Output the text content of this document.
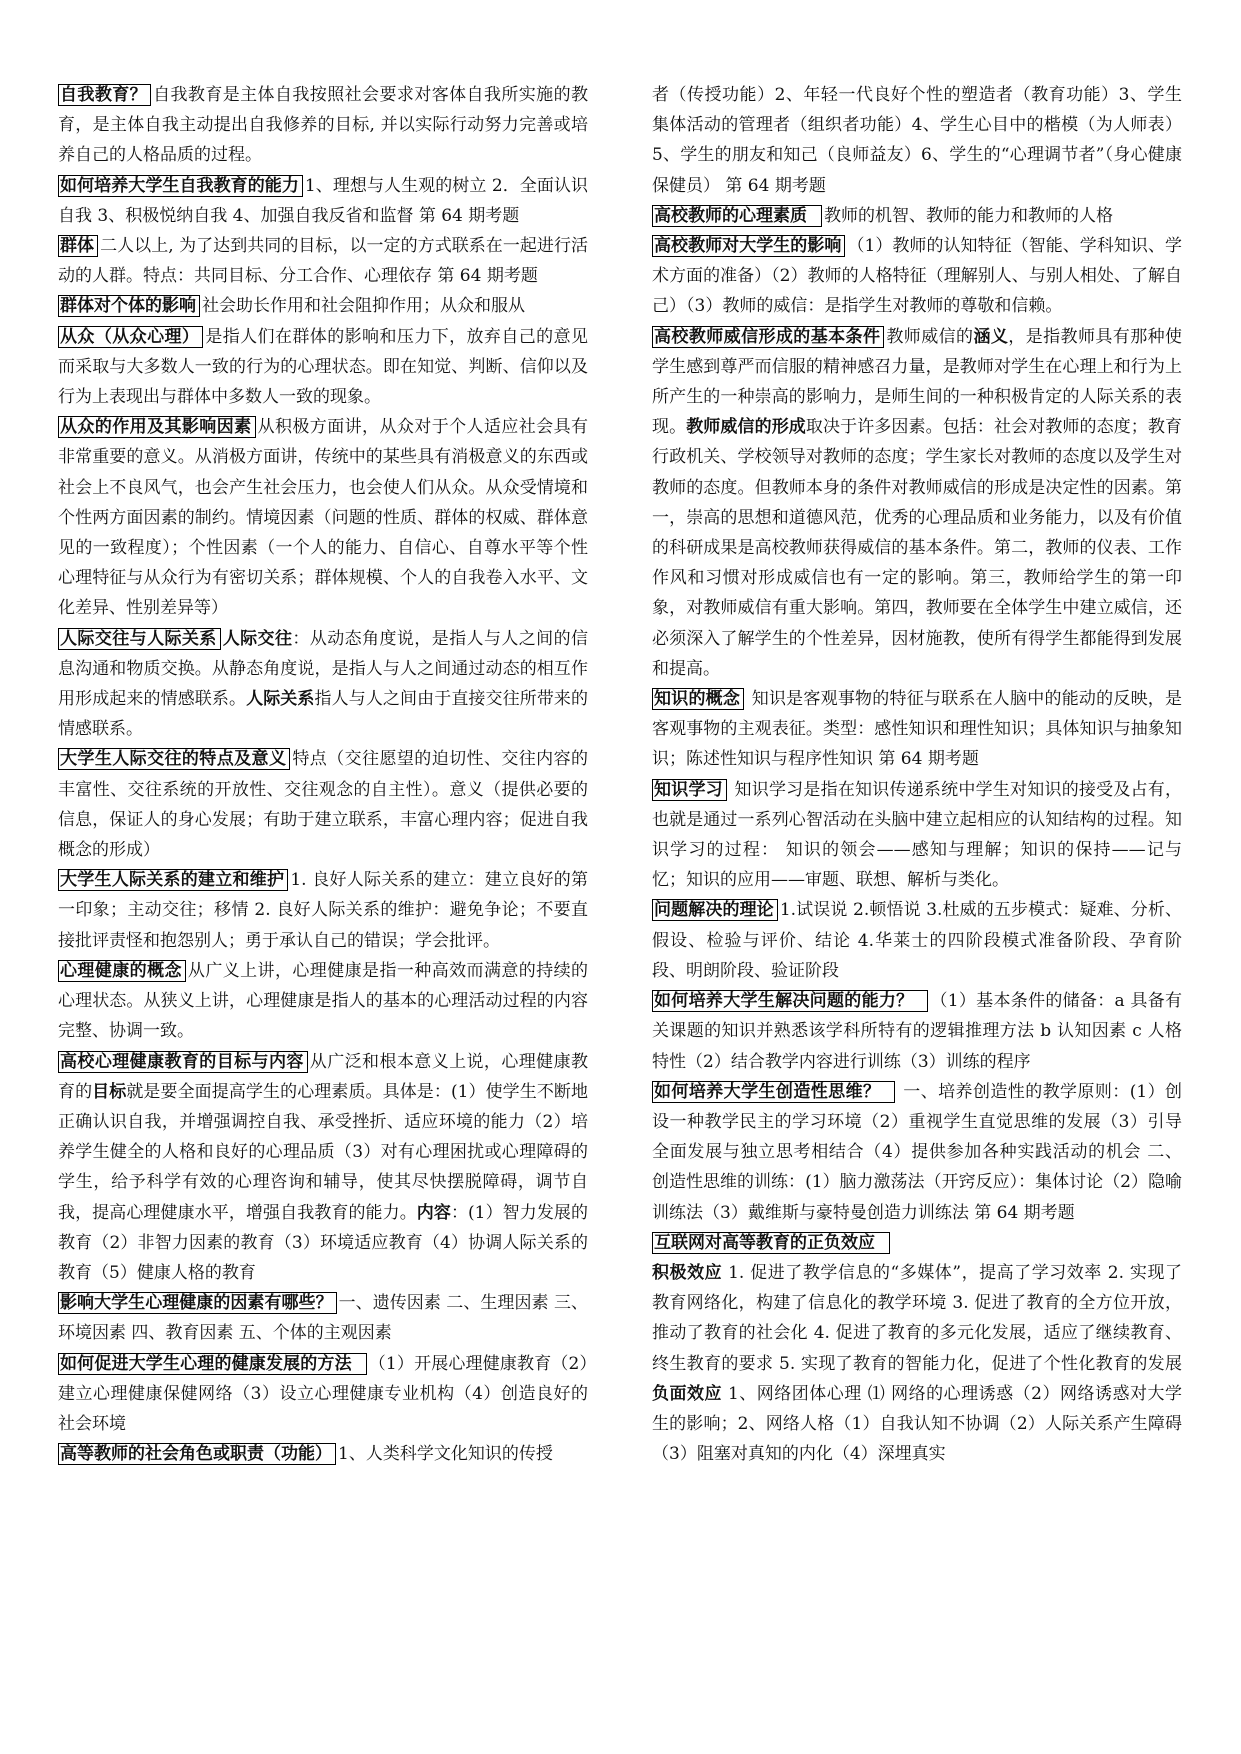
自我教育？ 自我教育是主体自我按照社会要求对客体自我所实施的教育，是主体自我主动提出自我修养的目标, 并以实际行动努力完善或培养自己的人格品质的过程。

如何培养大学生自我教育的能力 1、理想与人生观的树立 2．全面认识自我 3、积极悦纳自我 4、加强自我反省和监督 第 64 期考题

群体 二人以上, 为了达到共同的目标，以一定的方式联系在一起进行活动的人群。特点：共同目标、分工合作、心理依存 第 64 期考题

群体对个体的影响 社会助长作用和社会阻抑作用；从众和服从

从众（从众心理） 是指人们在群体的影响和压力下，放弃自己的意见而采取与大多数人一致的行为的心理状态。即在知觉、判断、信仰以及行为上表现出与群体中多数人一致的现象。

从众的作用及其影响因素 从积极方面讲，从众对于个人适应社会具有非常重要的意义。从消极方面讲，传统中的某些具有消极意义的东西或社会上不良风气，也会产生社会压力，也会使人们从众。从众受情境和个性两方面因素的制约。情境因素（问题的性质、群体的权威、群体意见的一致程度）；个性因素（一个人的能力、自信心、自尊水平等个性心理特征与从众行为有密切关系；群体规模、个人的自我卷入水平、文化差异、性别差异等）

人际交往与人际关系 人际交往：从动态角度说，是指人与人之间的信息沟通和物质交换。从静态角度说，是指人与人之间通过动态的相互作用形成起来的情感联系。人际关系指人与人之间由于直接交往所带来的情感联系。

大学生人际交往的特点及意义 特点（交往愿望的迫切性、交往内容的丰富性、交往系统的开放性、交往观念的自主性）。意义（提供必要的信息，保证人的身心发展；有助于建立联系，丰富心理内容；促进自我概念的形成）

大学生人际关系的建立和维护 1. 良好人际关系的建立：建立良好的第一印象；主动交往；移情 2. 良好人际关系的维护：避免争论；不要直接批评责怪和抱怨别人；勇于承认自己的错误；学会批评。

心理健康的概念 从广义上讲，心理健康是指一种高效而满意的持续的心理状态。从狭义上讲，心理健康是指人的基本的心理活动过程的内容完整、协调一致。

高校心理健康教育的目标与内容 从广泛和根本意义上说，心理健康教育的目标就是要全面提高学生的心理素质。具体是：(1）使学生不断地正确认识自我，并增强调控自我、承受挫折、适应环境的能力（2）培养学生健全的人格和良好的心理品质（3）对有心理困扰或心理障碍的学生，给予科学有效的心理咨询和辅导，使其尽快摆脱障碍，调节自我，提高心理健康水平，增强自我教育的能力。内容：(1）智力发展的教育（2）非智力因素的教育（3）环境适应教育（4）协调人际关系的教育（5）健康人格的教育

影响大学生心理健康的因素有哪些？ 一、遗传因素 二、生理因素 三、环境因素 四、教育因素 五、个体的主观因素

如何促进大学生心理的健康发展的方法 （1）开展心理健康教育（2）建立心理健康保健网络（3）设立心理健康专业机构（4）创造良好的社会环境

高等教师的社会角色或职责（功能） 1、人类科学文化知识的传授

者（传授功能）2、年轻一代良好个性的塑造者（教育功能）3、学生集体活动的管理者（组织者功能）4、学生心目中的楷模（为人师表）5、学生的朋友和知己（良师益友）6、学生的“心理调节者”（身心健康保健员） 第 64 期考题

高校教师的心理素质 教师的机智、教师的能力和教师的人格

高校教师对大学生的影响 （1）教师的认知特征（智能、学科知识、学术方面的准备）（2）教师的人格特征（理解别人、与别人相处、了解自己）（3）教师的威信：是指学生对教师的尊敬和信赖。

高校教师威信形成的基本条件 教师威信的涵义，是指教师具有那种使学生感到尊严而信服的精神感召力量，是教师对学生在心理上和行为上所产生的一种崇高的影响力，是师生间的一种积极肯定的人际关系的表现。教师威信的形成取决于许多因素。包括：社会对教师的态度；教育行政机关、学校领导对教师的态度；学生家长对教师的态度以及学生对教师的态度。但教师本身的条件对教师威信的形成是决定性的因素。第一，崇高的思想和道德风范，优秀的心理品质和业务能力，以及有价值的科研成果是高校教师获得威信的基本条件。第二，教师的仪表、工作作风和习惯对形成威信也有一定的影响。第三，教师给学生的第一印象，对教师威信有重大影响。第四，教师要在全体学生中建立威信，还必须深入了解学生的个性差异，因材施教，使所有得学生都能得到发展和提高。

知识的概念 知识是客观事物的特征与联系在人脑中的能动的反映，是客观事物的主观表征。类型：感性知识和理性知识；具体知识与抽象知识；陈述性知识与程序性知识 第 64 期考题

知识学习 知识学习是指在知识传递系统中学生对知识的接受及占有，也就是通过一系列心智活动在头脑中建立起相应的认知结构的过程。知识学习的过程： 知识的领会——感知与理解；知识的保持——记与忆；知识的应用——审题、联想、解析与类化。

问题解决的理论 1.试误说 2.顿悟说 3.杜威的五步模式：疑难、分析、假设、检验与评价、结论 4.华莱士的四阶段模式准备阶段、孕育阶段、明朗阶段、验证阶段

如何培养大学生解决问题的能力？ （1）基本条件的储备：a 具备有关课题的知识并熟悉该学科所特有的逻辑推理方法 b 认知因素 c 人格特性（2）结合教学内容进行训练（3）训练的程序

如何培养大学生创造性思维？ 一、培养创造性的教学原则：(1）创设一种教学民主的学习环境（2）重视学生直觉思维的发展（3）引导全面发展与独立思考相结合（4）提供参加各种实践活动的机会 二、 创造性思维的训练：(1）脑力激荡法（开窍反应）：集体讨论（2）隐喻训练法（3）戴维斯与豪特曼创造力训练法 第 64 期考题

互联网对高等教育的正负效应

积极效应 1. 促进了教学信息的“多媒体”，提高了学习效率 2. 实现了教育网络化，构建了信息化的教学环境 3. 促进了教育的全方位开放，推动了教育的社会化 4. 促进了教育的多元化发展，适应了继续教育、终生教育的要求 5. 实现了教育的智能力化，促进了个性化教育的发展 负面效应 1、网络团体心理 ⑴ 网络的心理诱惑（2）网络诱惑对大学生的影响；2、网络人格（1）自我认知不协调（2）人际关系产生障碍（3）阻塞对真知的内化（4）深埋真实
